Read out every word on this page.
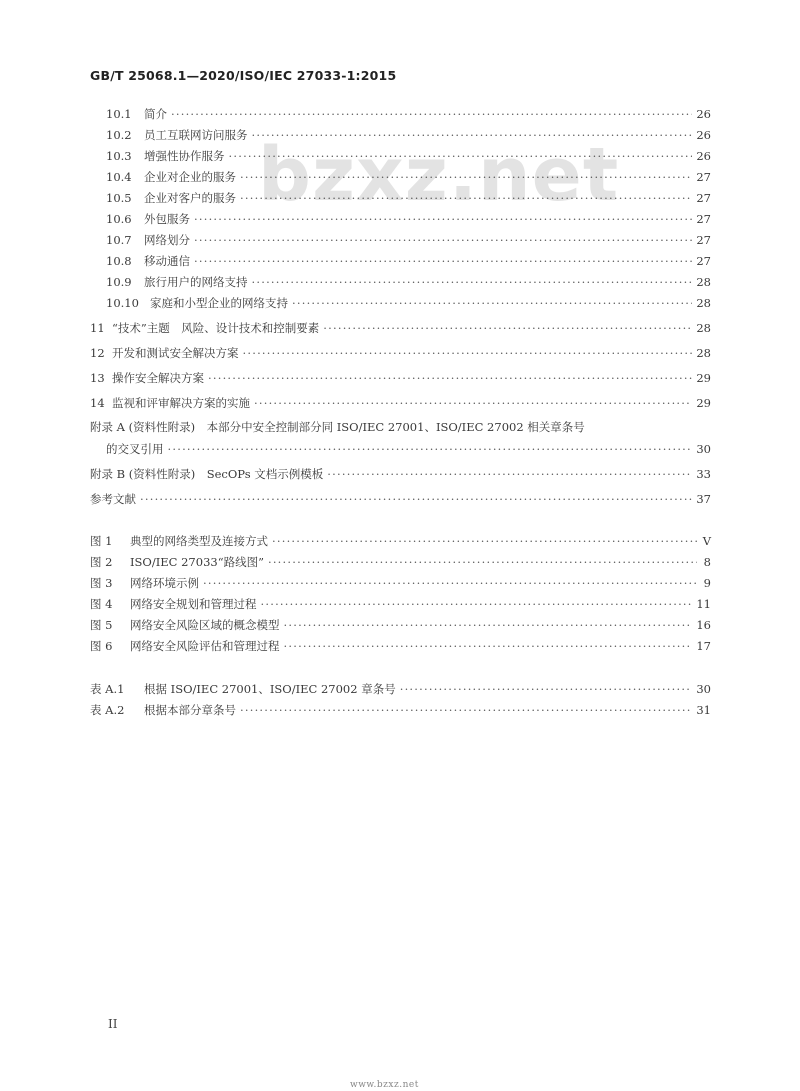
GB/T 25068.1—2020/ISO/IEC 27033-1:2015
bzxz.net
10.1	简介 ·····	26
10.2	员工互联网访问服务 ·····	26
10.3	增强性协作服务 ·····	26
10.4	企业对企业的服务 ·····	27
10.5	企业对客户的服务 ·····	27
10.6	外包服务 ·····	27
10.7	网络划分 ·····	27
10.8	移动通信 ·····	27
10.9	旅行用户的网络支持 ·····	28
10.10 家庭和小型企业的网络支持 ·····	28
11 “技术”主题　风险、设计技术和控制要素 ·····	28
12 开发和测试安全解决方案 ·····	28
13 操作安全解决方案 ·····	29
14 监视和评审解决方案的实施 ·····	29
附录 A (资料性附录)　本部分中安全控制部分同 ISO/IEC 27001、ISO/IEC 27002 相关章条号
的交叉引用 ·····	30
附录 B (资料性附录)　SecOPs 文档示例模板 ·····	33
参考文献 ·····	37
图 1	典型的网络类型及连接方式 ·····	V
图 2	ISO/IEC 27033“路线图” ·····	8
图 3	网络环境示例 ·····	9
图 4	网络安全规划和管理过程 ·····	11
图 5	网络安全风险区域的概念模型 ·····	16
图 6	网络安全风险评估和管理过程 ·····	17
表 A.1	根据 ISO/IEC 27001、ISO/IEC 27002 章条号 ·····	30
表 A.2	根据本部分章条号 ·····	31
II
www.bzxz.net
